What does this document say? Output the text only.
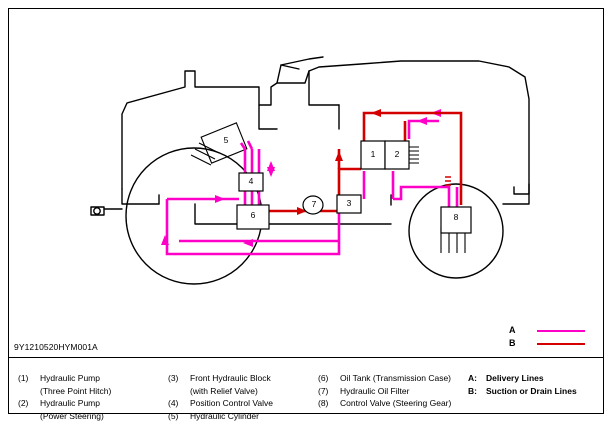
1	2
3
4
5
6
7
8
A
B
9Y1210520HYM001A
(1)	Hydraulic Pump
(Three Point Hitch)
(2)	Hydraulic Pump
(Power Steering)
(3)	Front Hydraulic Block
(with Relief Valve)
(4)	Position Control Valve
(5)	Hydraulic Cylinder
(6)	Oil Tank (Transmission Case)
(7)	Hydraulic Oil Filter
(8)	Control Valve (Steering Gear)
A:	Delivery Lines
B:	Suction or Drain Lines
